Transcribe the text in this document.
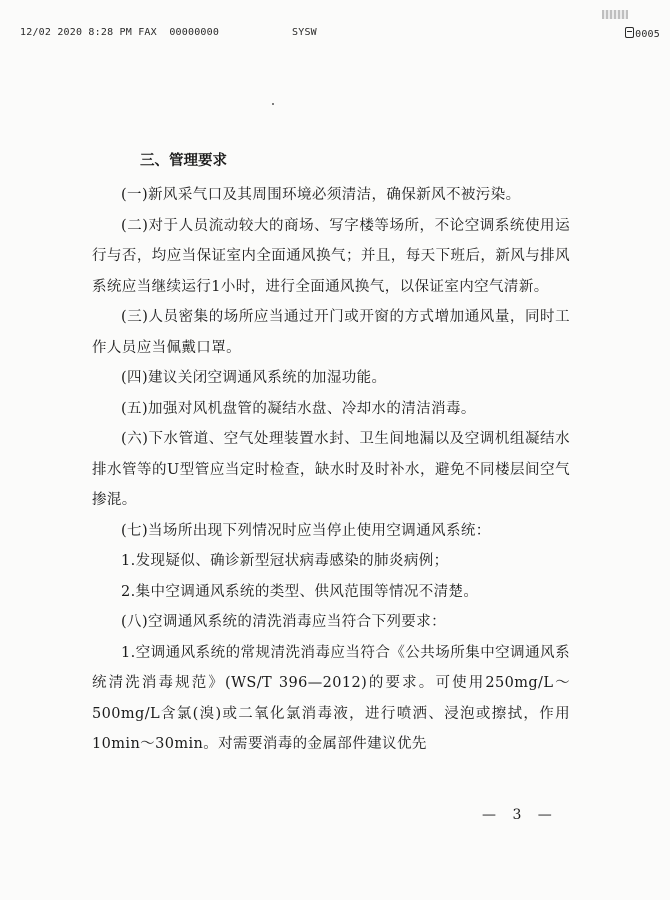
12/02 2020 8:28 PM FAX 00000000	SYSW	0005
三、管理要求

(一)新风采气口及其周围环境必须清洁，确保新风不被污染。

(二)对于人员流动较大的商场、写字楼等场所，不论空调系统使用运行与否，均应当保证室内全面通风换气；并且，每天下班后，新风与排风系统应当继续运行1小时，进行全面通风换气，以保证室内空气清新。

(三)人员密集的场所应当通过开门或开窗的方式增加通风量，同时工作人员应当佩戴口罩。

(四)建议关闭空调通风系统的加湿功能。

(五)加强对风机盘管的凝结水盘、冷却水的清洁消毒。

(六)下水管道、空气处理装置水封、卫生间地漏以及空调机组凝结水排水管等的U型管应当定时检查，缺水时及时补水，避免不同楼层间空气掺混。

(七)当场所出现下列情况时应当停止使用空调通风系统：

1.发现疑似、确诊新型冠状病毒感染的肺炎病例；

2.集中空调通风系统的类型、供风范围等情况不清楚。

(八)空调通风系统的清洗消毒应当符合下列要求：

1.空调通风系统的常规清洗消毒应当符合《公共场所集中空调通风系统清洗消毒规范》(WS/T 396—2012)的要求。可使用250mg/L～500mg/L含氯(溴)或二氧化氯消毒液，进行喷洒、浸泡或擦拭，作用10min～30min。对需要消毒的金属部件建议优先

— 3 —
